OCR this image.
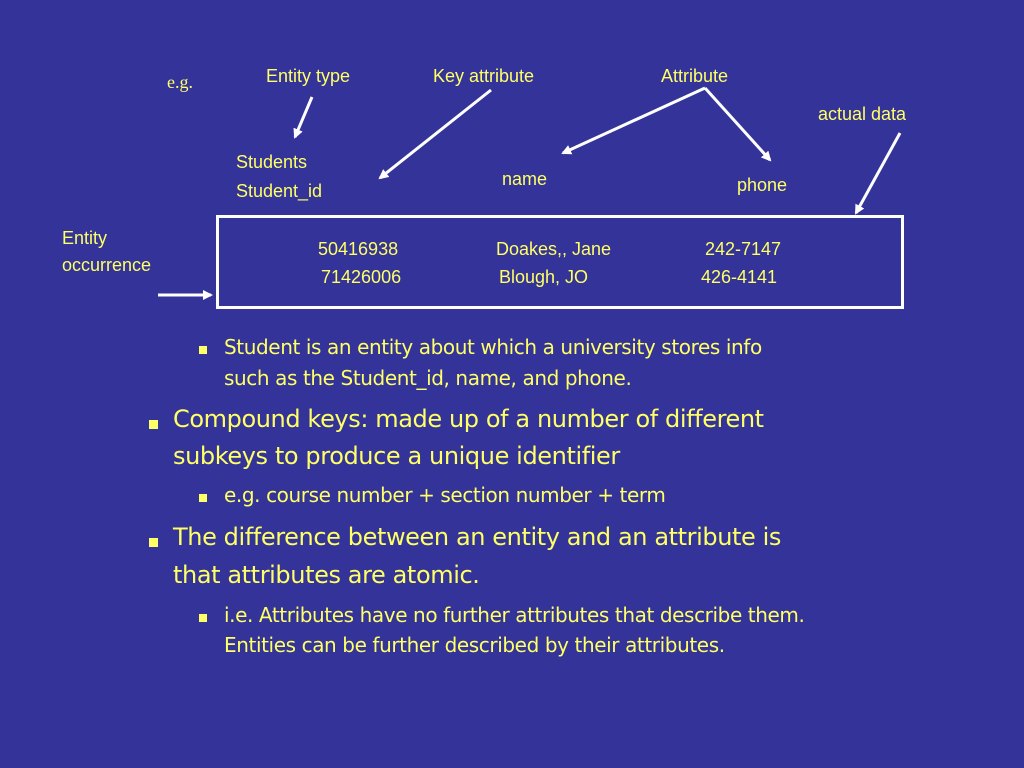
e.g.	Entity type	Key attribute	Attribute
actual data
Students
Student_id
name	phone
Entity
occurrence
50416938	Doakes,, Jane	242-7147
71426006	Blough, JO	426-4141
Student is an entity about which a university stores info
such as the Student_id, name, and phone.
Compound keys: made up of a number of different
subkeys to produce a unique identifier
e.g. course number + section number + term
The difference between an entity and an attribute is
that attributes are atomic.
i.e. Attributes have no further attributes that describe them.
Entities can be further described by their attributes.
